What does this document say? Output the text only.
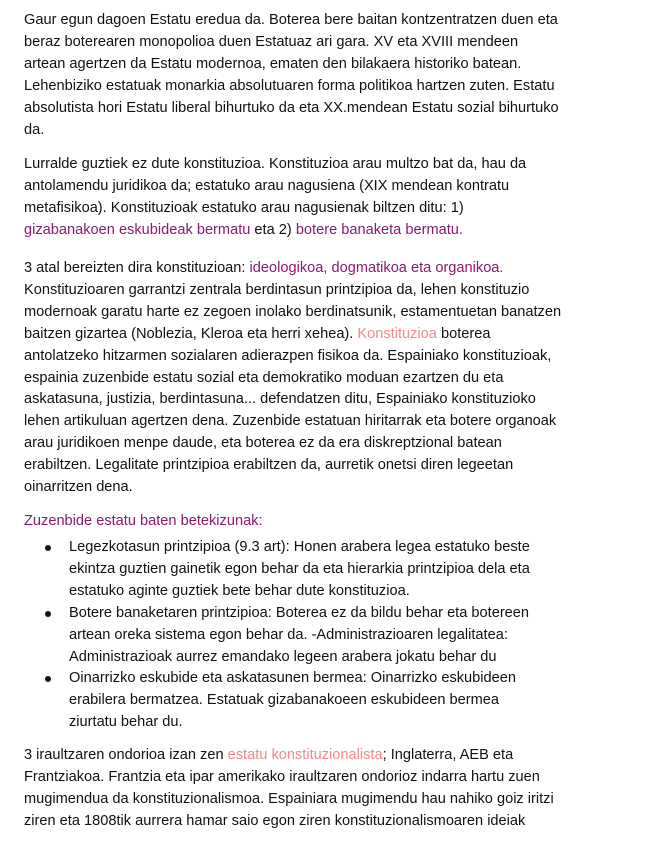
Gaur egun dagoen Estatu eredua da. Boterea bere baitan kontzentratzen duen eta
beraz boterearen monopolioa duen Estatuaz ari gara. XV eta XVIII mendeen
artean agertzen da Estatu modernoa, ematen den bilakaera historiko batean.
Lehenbiziko estatuak monarkia absolutuaren forma politikoa hartzen zuten. Estatu
absolutista hori Estatu liberal bihurtuko da eta XX.mendean Estatu sozial bihurtuko
da.

Lurralde guztiek ez dute konstituzioa. Konstituzioa arau multzo bat da, hau da
antolamendu juridikoa da; estatuko arau nagusiena (XIX mendean kontratu
metafisikoa). Konstituzioak estatuko arau nagusienak biltzen ditu: 1)
gizabanakoen eskubideak bermatu eta 2) botere banaketa bermatu.

3 atal bereizten dira konstituzioan: ideologikoa, dogmatikoa eta organikoa.
Konstituzioaren garrantzi zentrala berdintasun printzipioa da, lehen konstituzio
modernoak garatu harte ez zegoen inolako berdinatsunik, estamentuetan banatzen
baitzen gizartea (Noblezia, Kleroa eta herri xehea). Konstituzioa boterea
antolatzeko hitzarmen sozialaren adierazpen fisikoa da. Espainiako konstituzioak,
espainia zuzenbide estatu sozial eta demokratiko moduan ezartzen du eta
askatasuna, justizia, berdintasuna... defendatzen ditu, Espainiako konstituzioko
lehen artikuluan agertzen dena. Zuzenbide estatuan hiritarrak eta botere organoak
arau juridikoen menpe daude, eta boterea ez da era diskreptzional batean
erabiltzen. Legalitate printzipioa erabiltzen da, aurretik onetsi diren legeetan
oinarritzen dena.

Zuzenbide estatu baten betekizunak:

Legezkotasun printzipioa (9.3 art): Honen arabera legea estatuko beste
ekintza guztien gainetik egon behar da eta hierarkia printzipioa dela eta
estatuko aginte guztiek bete behar dute konstituzioa.
Botere banaketaren printzipioa: Boterea ez da bildu behar eta botereen
artean oreka sistema egon behar da. -Administrazioaren legalitatea:
Administrazioak aurrez emandako legeen arabera jokatu behar du
Oinarrizko eskubide eta askatasunen bermea: Oinarrizko eskubideen
erabilera bermatzea. Estatuak gizabanakoeen eskubideen bermea
ziurtatu behar du.

3 iraultzaren ondorioa izan zen estatu konstituzionalista; Inglaterra, AEB eta
Frantziakoa. Frantzia eta ipar amerikako iraultzaren ondorioz indarra hartu zuen
mugimendua da konstituzionalismoa. Espainiara mugimendu hau nahiko goiz iritzi
ziren eta 1808tik aurrera hamar saio egon ziren konstituzionalismoaren ideiak
